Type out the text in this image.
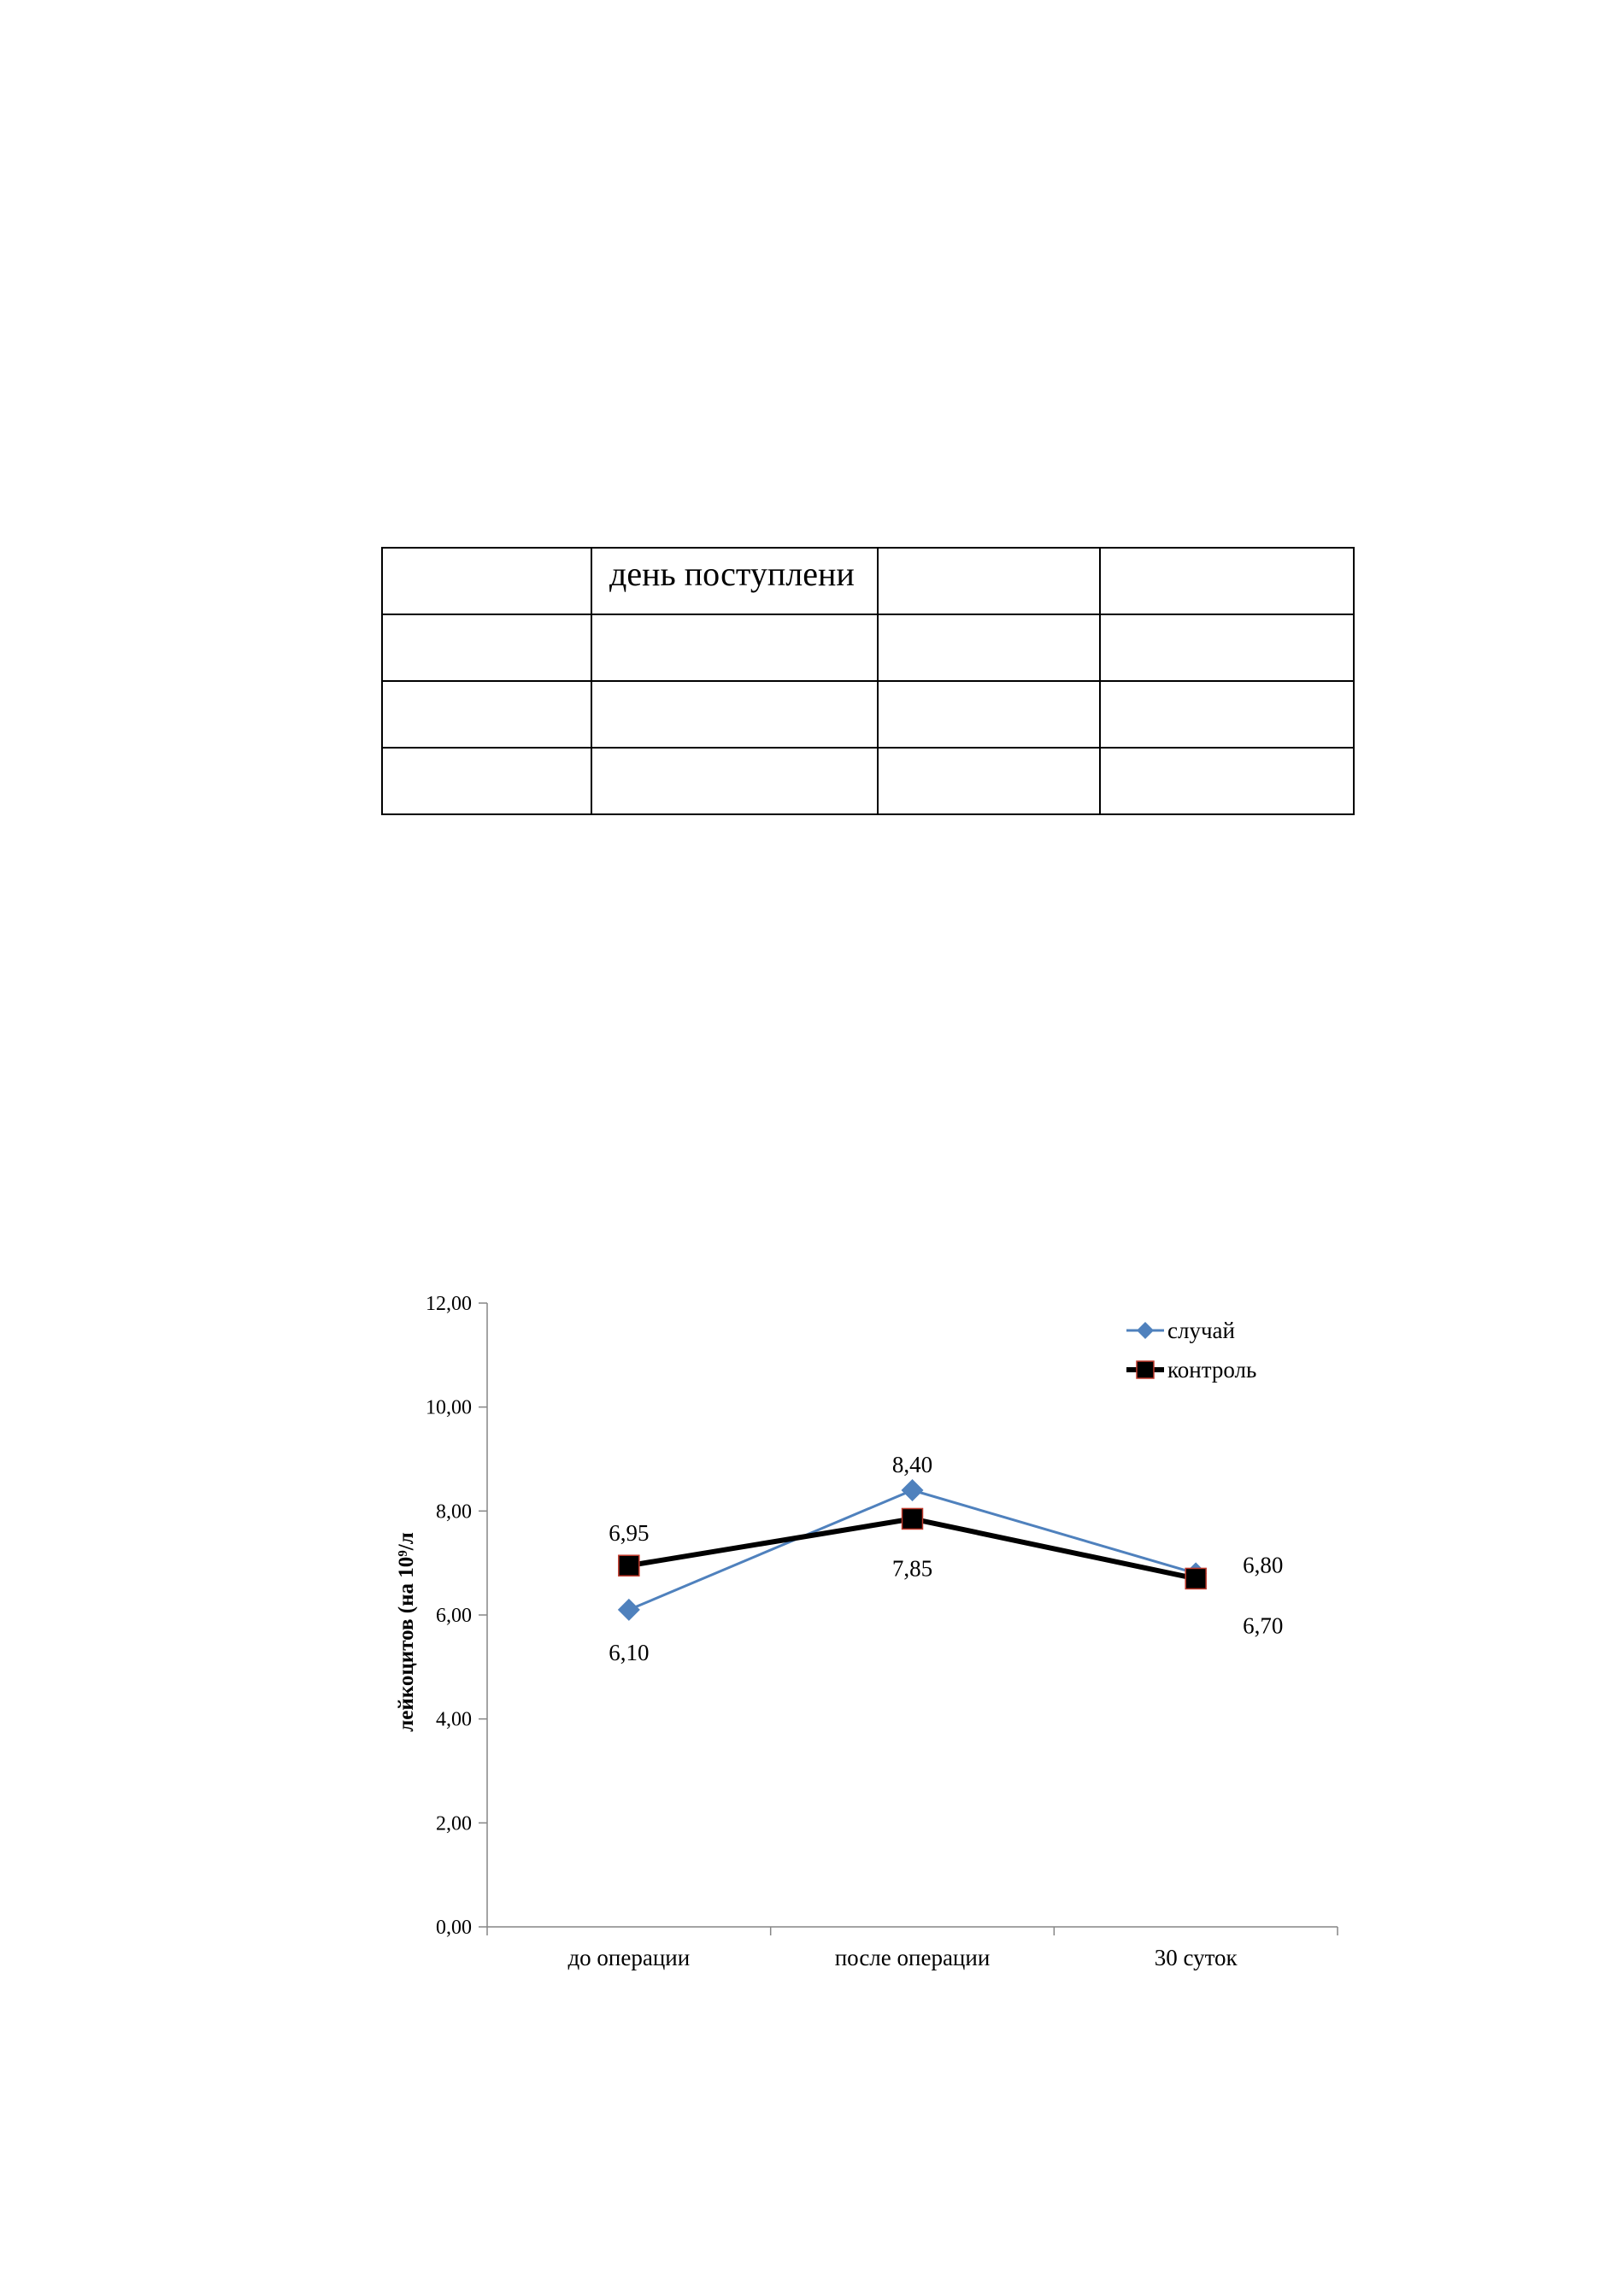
	день поступлени		

0,00
2,00
4,00
6,00
8,00
10,00
12,00
до операции	после операции	30 суток
6,10
8,40
6,80
6,95
7,85
6,70
случай
контроль
лейкоцитов (на 10⁹/л
